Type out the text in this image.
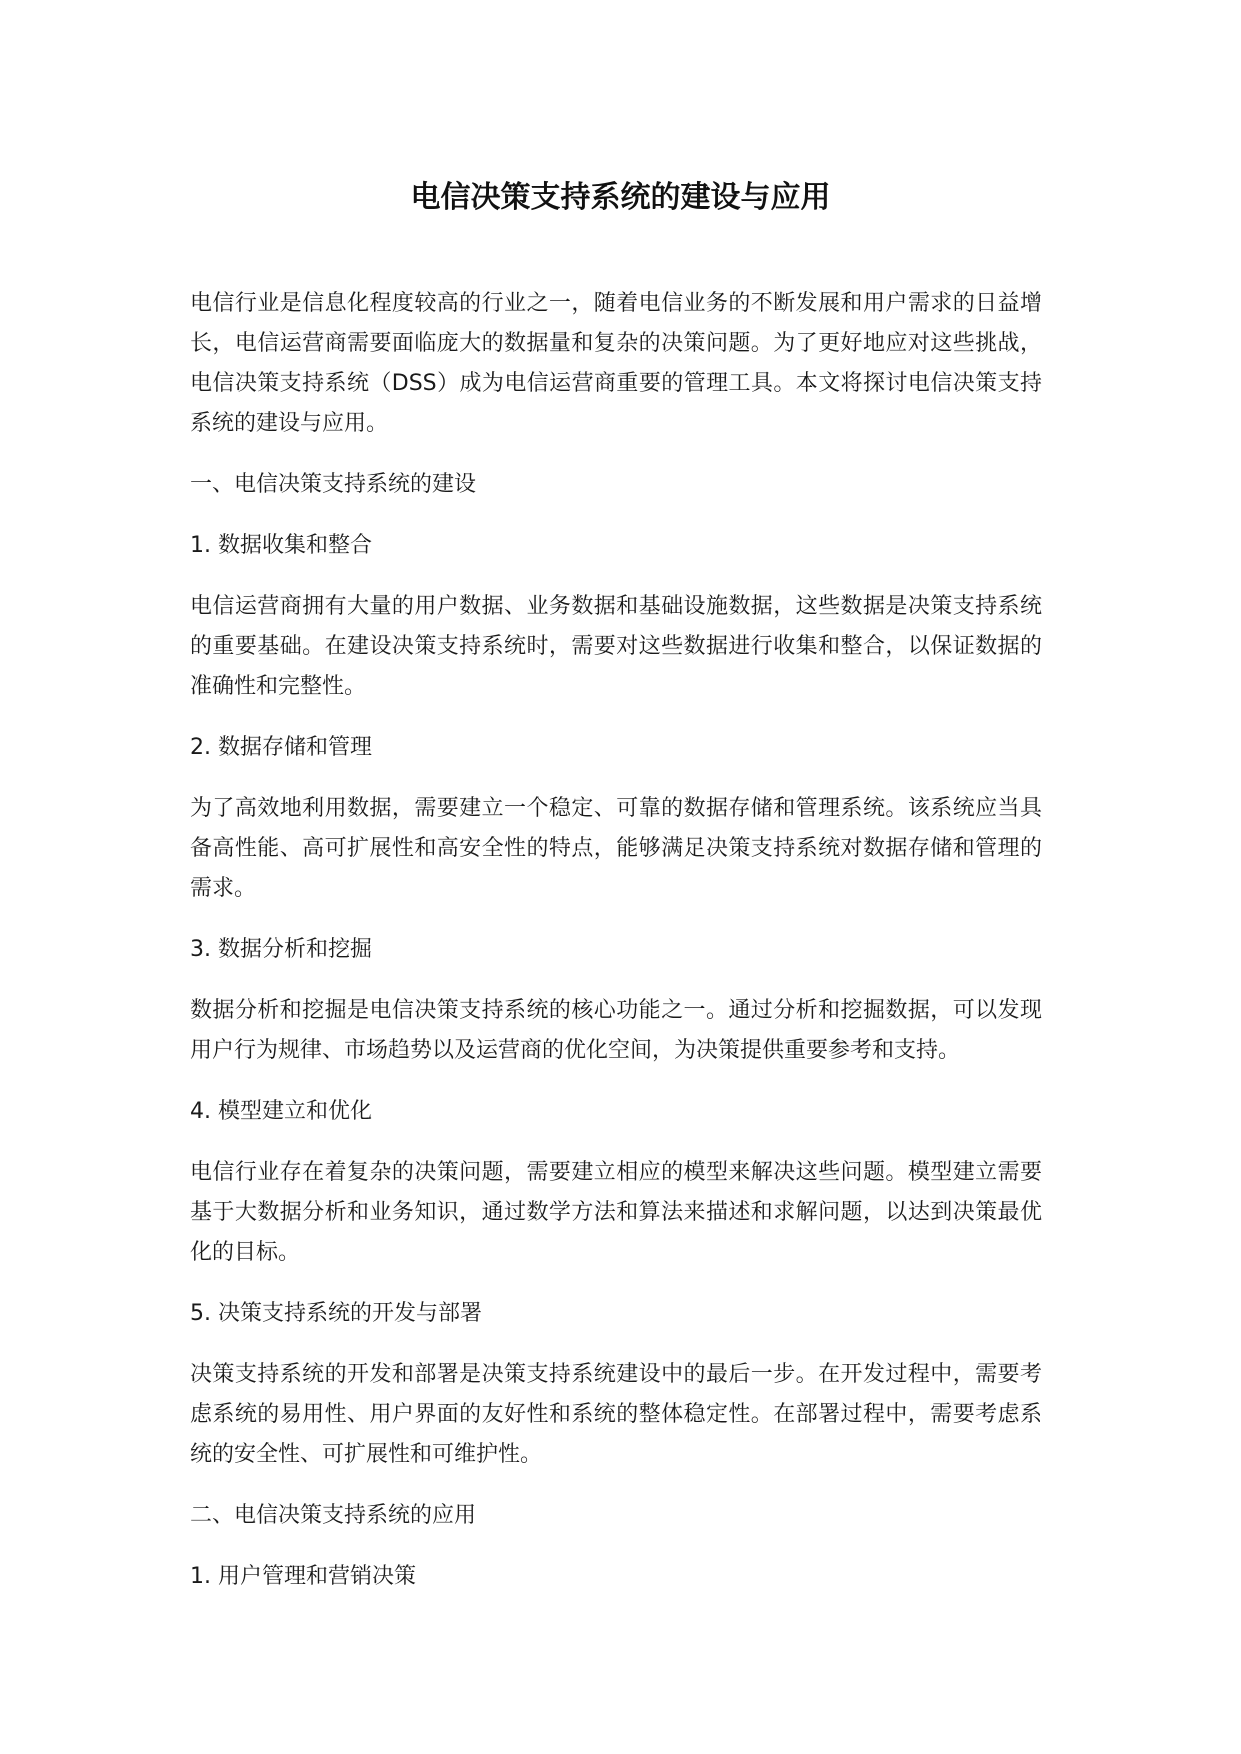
电信决策支持系统的建设与应用

电信行业是信息化程度较高的行业之一，随着电信业务的不断发展和用户需求的日益增长，电信运营商需要面临庞大的数据量和复杂的决策问题。为了更好地应对这些挑战，电信决策支持系统（DSS）成为电信运营商重要的管理工具。本文将探讨电信决策支持系统的建设与应用。

一、电信决策支持系统的建设

1. 数据收集和整合

电信运营商拥有大量的用户数据、业务数据和基础设施数据，这些数据是决策支持系统的重要基础。在建设决策支持系统时，需要对这些数据进行收集和整合，以保证数据的准确性和完整性。

2. 数据存储和管理

为了高效地利用数据，需要建立一个稳定、可靠的数据存储和管理系统。该系统应当具备高性能、高可扩展性和高安全性的特点，能够满足决策支持系统对数据存储和管理的需求。

3. 数据分析和挖掘

数据分析和挖掘是电信决策支持系统的核心功能之一。通过分析和挖掘数据，可以发现用户行为规律、市场趋势以及运营商的优化空间，为决策提供重要参考和支持。

4. 模型建立和优化

电信行业存在着复杂的决策问题，需要建立相应的模型来解决这些问题。模型建立需要基于大数据分析和业务知识，通过数学方法和算法来描述和求解问题，以达到决策最优化的目标。

5. 决策支持系统的开发与部署

决策支持系统的开发和部署是决策支持系统建设中的最后一步。在开发过程中，需要考虑系统的易用性、用户界面的友好性和系统的整体稳定性。在部署过程中，需要考虑系统的安全性、可扩展性和可维护性。

二、电信决策支持系统的应用

1. 用户管理和营销决策
